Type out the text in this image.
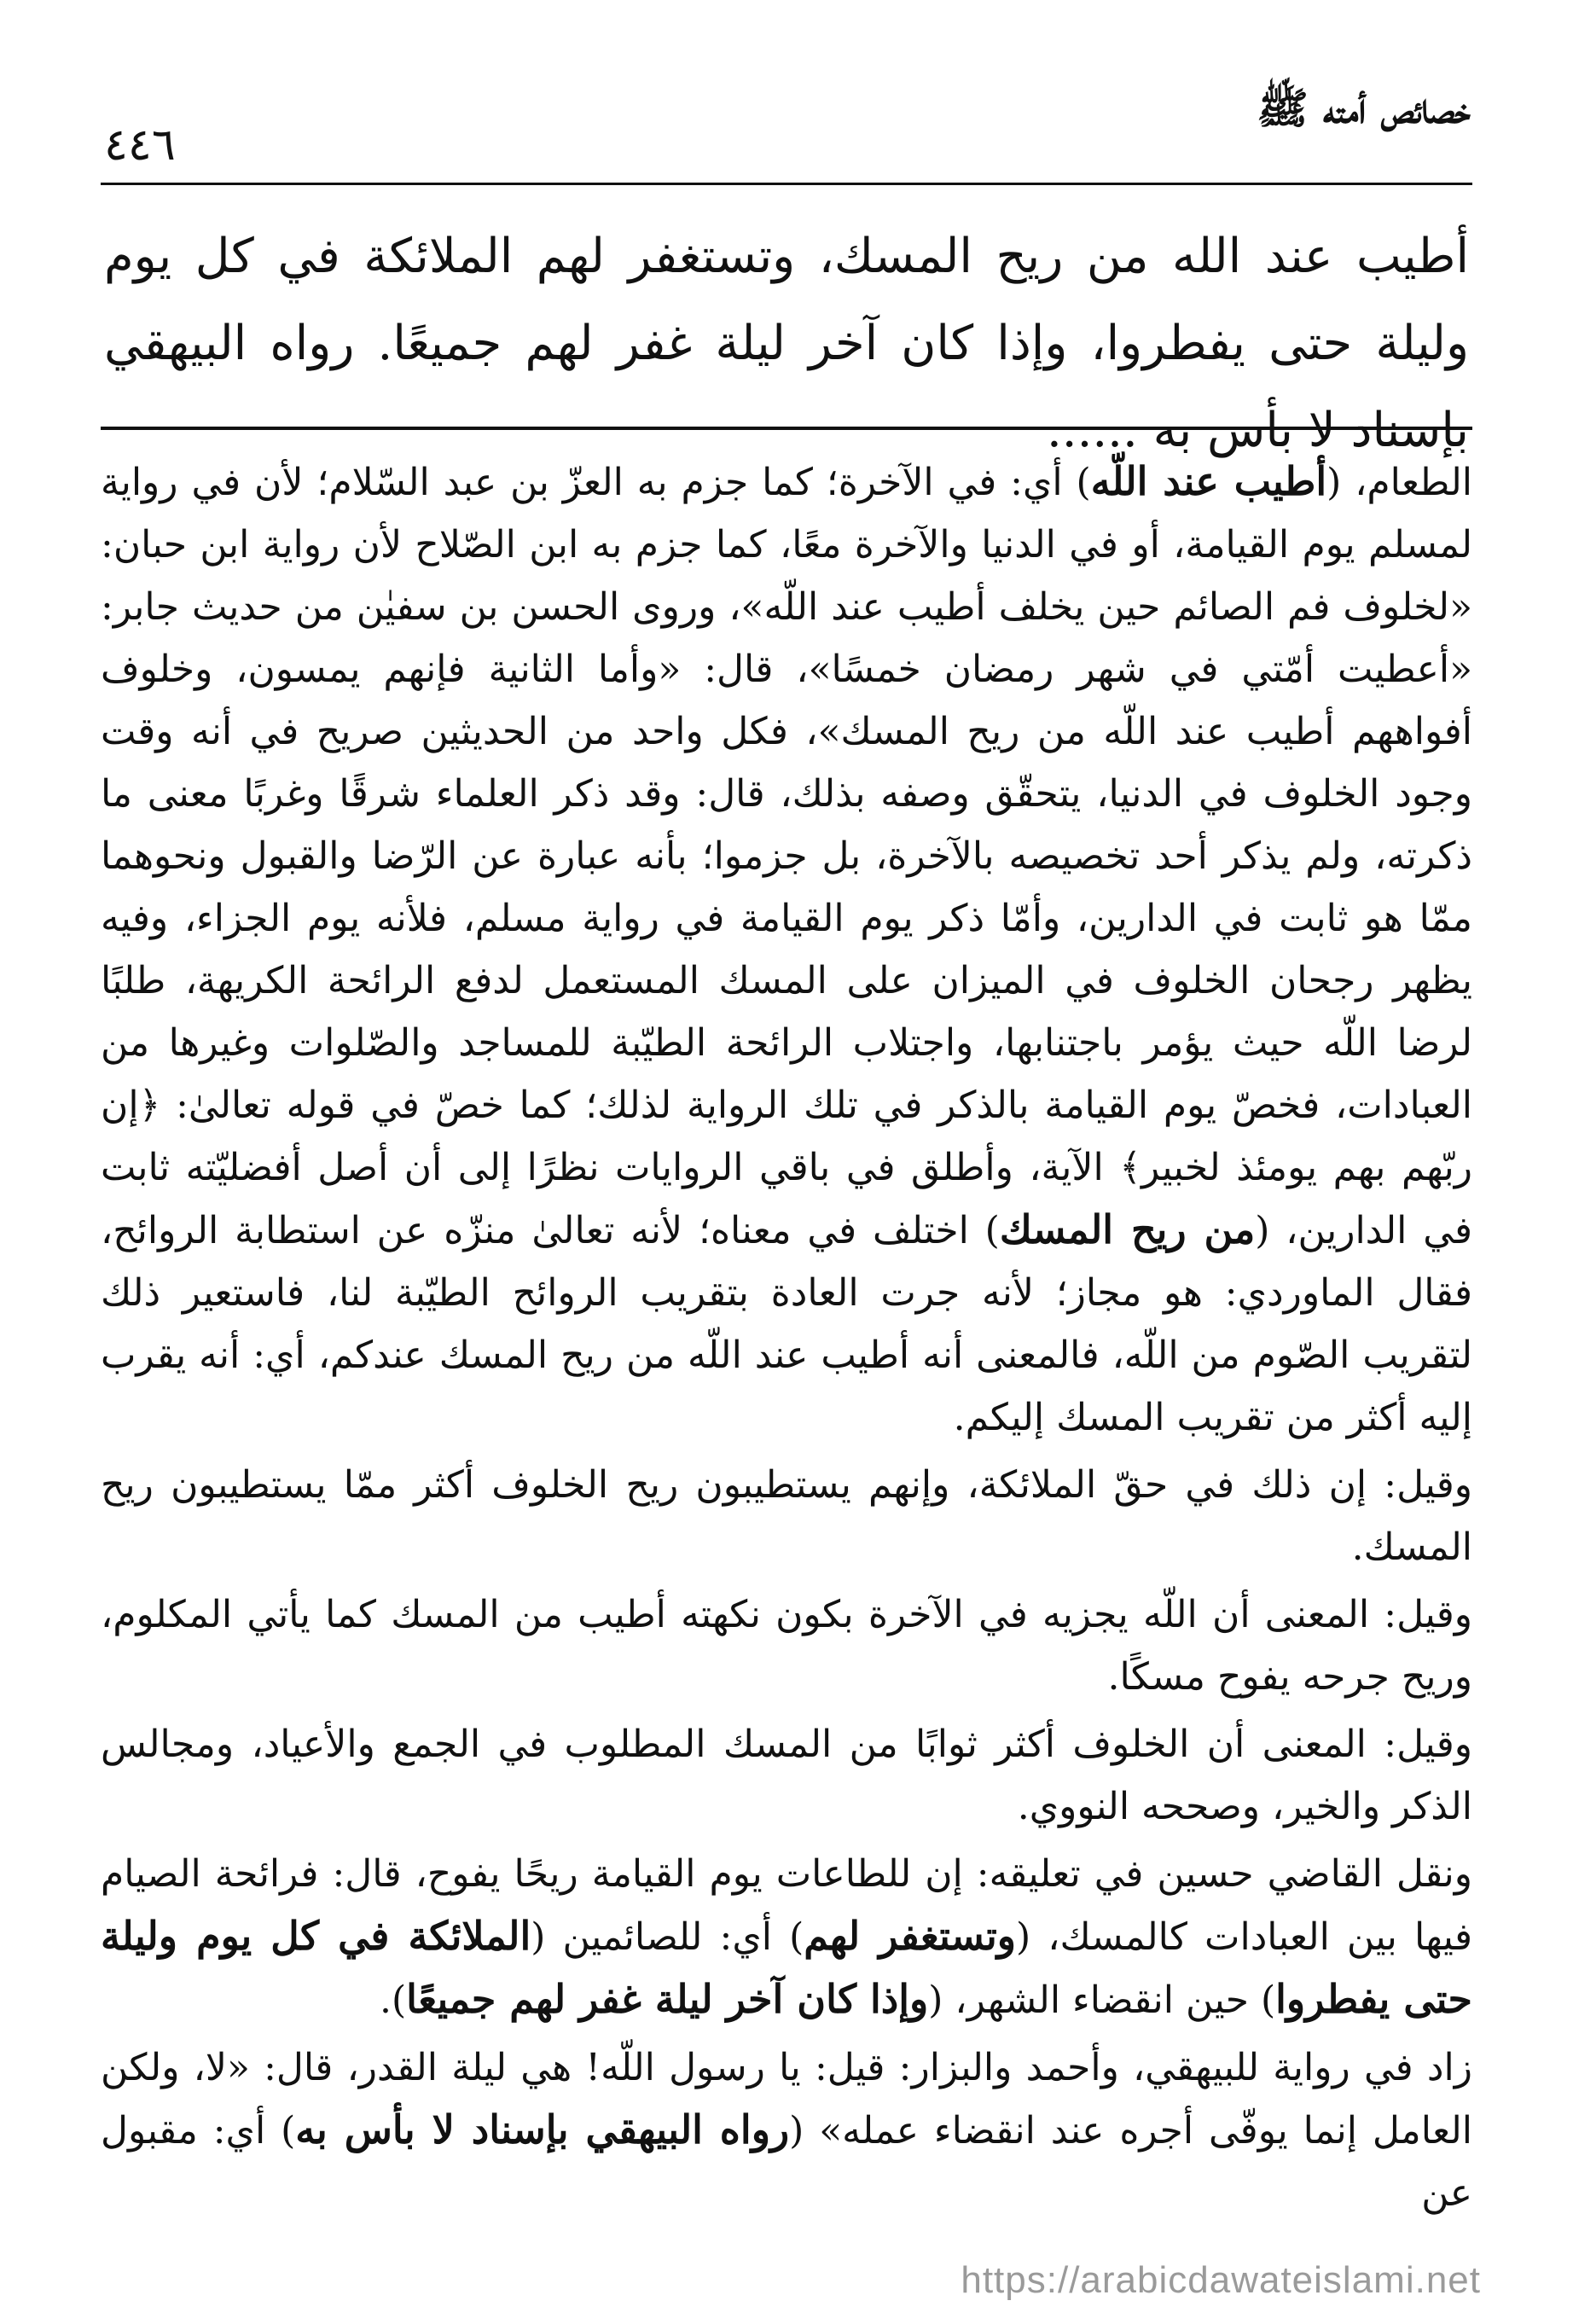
خصائص أمته ﷺ
٤٤٦

أطيب عند الله من ريح المسك، وتستغفر لهم الملائكة في كل يوم وليلة حتى يفطروا، وإذا كان آخر ليلة غفر لهم جميعًا. رواه البيهقي بإسناد لا بأس به ......

الطعام، (أطيب عند اللّه) أي: في الآخرة؛ كما جزم به العزّ بن عبد السّلام؛ لأن في رواية لمسلم يوم القيامة، أو في الدنيا والآخرة معًا، كما جزم به ابن الصّلاح لأن رواية ابن حبان: «لخلوف فم الصائم حين يخلف أطيب عند اللّه»، وروى الحسن بن سفيٰن من حديث جابر: «أعطيت أمّتي في شهر رمضان خمسًا»، قال: «وأما الثانية فإنهم يمسون، وخلوف أفواههم أطيب عند اللّه من ريح المسك»، فكل واحد من الحديثين صريح في أنه وقت وجود الخلوف في الدنيا، يتحقّق وصفه بذلك، قال: وقد ذكر العلماء شرقًا وغربًا معنى ما ذكرته، ولم يذكر أحد تخصيصه بالآخرة، بل جزموا؛ بأنه عبارة عن الرّضا والقبول ونحوهما ممّا هو ثابت في الدارين، وأمّا ذكر يوم القيامة في رواية مسلم، فلأنه يوم الجزاء، وفيه يظهر رجحان الخلوف في الميزان على المسك المستعمل لدفع الرائحة الكريهة، طلبًا لرضا اللّه حيث يؤمر باجتنابها، واجتلاب الرائحة الطيّبة للمساجد والصّلوات وغيرها من العبادات، فخصّ يوم القيامة بالذكر في تلك الرواية لذلك؛ كما خصّ في قوله تعالىٰ: ﴿إن ربّهم بهم يومئذ لخبير﴾ الآية، وأطلق في باقي الروايات نظرًا إلى أن أصل أفضليّته ثابت في الدارين، (من ريح المسك) اختلف في معناه؛ لأنه تعالىٰ منزّه عن استطابة الروائح، فقال الماوردي: هو مجاز؛ لأنه جرت العادة بتقريب الروائح الطيّبة لنا، فاستعير ذلك لتقريب الصّوم من اللّه، فالمعنى أنه أطيب عند اللّه من ريح المسك عندكم، أي: أنه يقرب إليه أكثر من تقريب المسك إليكم.

وقيل: إن ذلك في حقّ الملائكة، وإنهم يستطيبون ريح الخلوف أكثر ممّا يستطيبون ريح المسك.

وقيل: المعنى أن اللّه يجزيه في الآخرة بكون نكهته أطيب من المسك كما يأتي المكلوم، وريح جرحه يفوح مسكًا.

وقيل: المعنى أن الخلوف أكثر ثوابًا من المسك المطلوب في الجمع والأعياد، ومجالس الذكر والخير، وصححه النووي.

ونقل القاضي حسين في تعليقه: إن للطاعات يوم القيامة ريحًا يفوح، قال: فرائحة الصيام فيها بين العبادات كالمسك، (وتستغفر لهم) أي: للصائمين (الملائكة في كل يوم وليلة حتى يفطروا) حين انقضاء الشهر، (وإذا كان آخر ليلة غفر لهم جميعًا).

زاد في رواية للبيهقي، وأحمد والبزار: قيل: يا رسول اللّه! هي ليلة القدر، قال: «لا، ولكن العامل إنما يوفّى أجره عند انقضاء عمله» (رواه البيهقي بإسناد لا بأس به) أي: مقبول عن

https://arabicdawateislami.net
